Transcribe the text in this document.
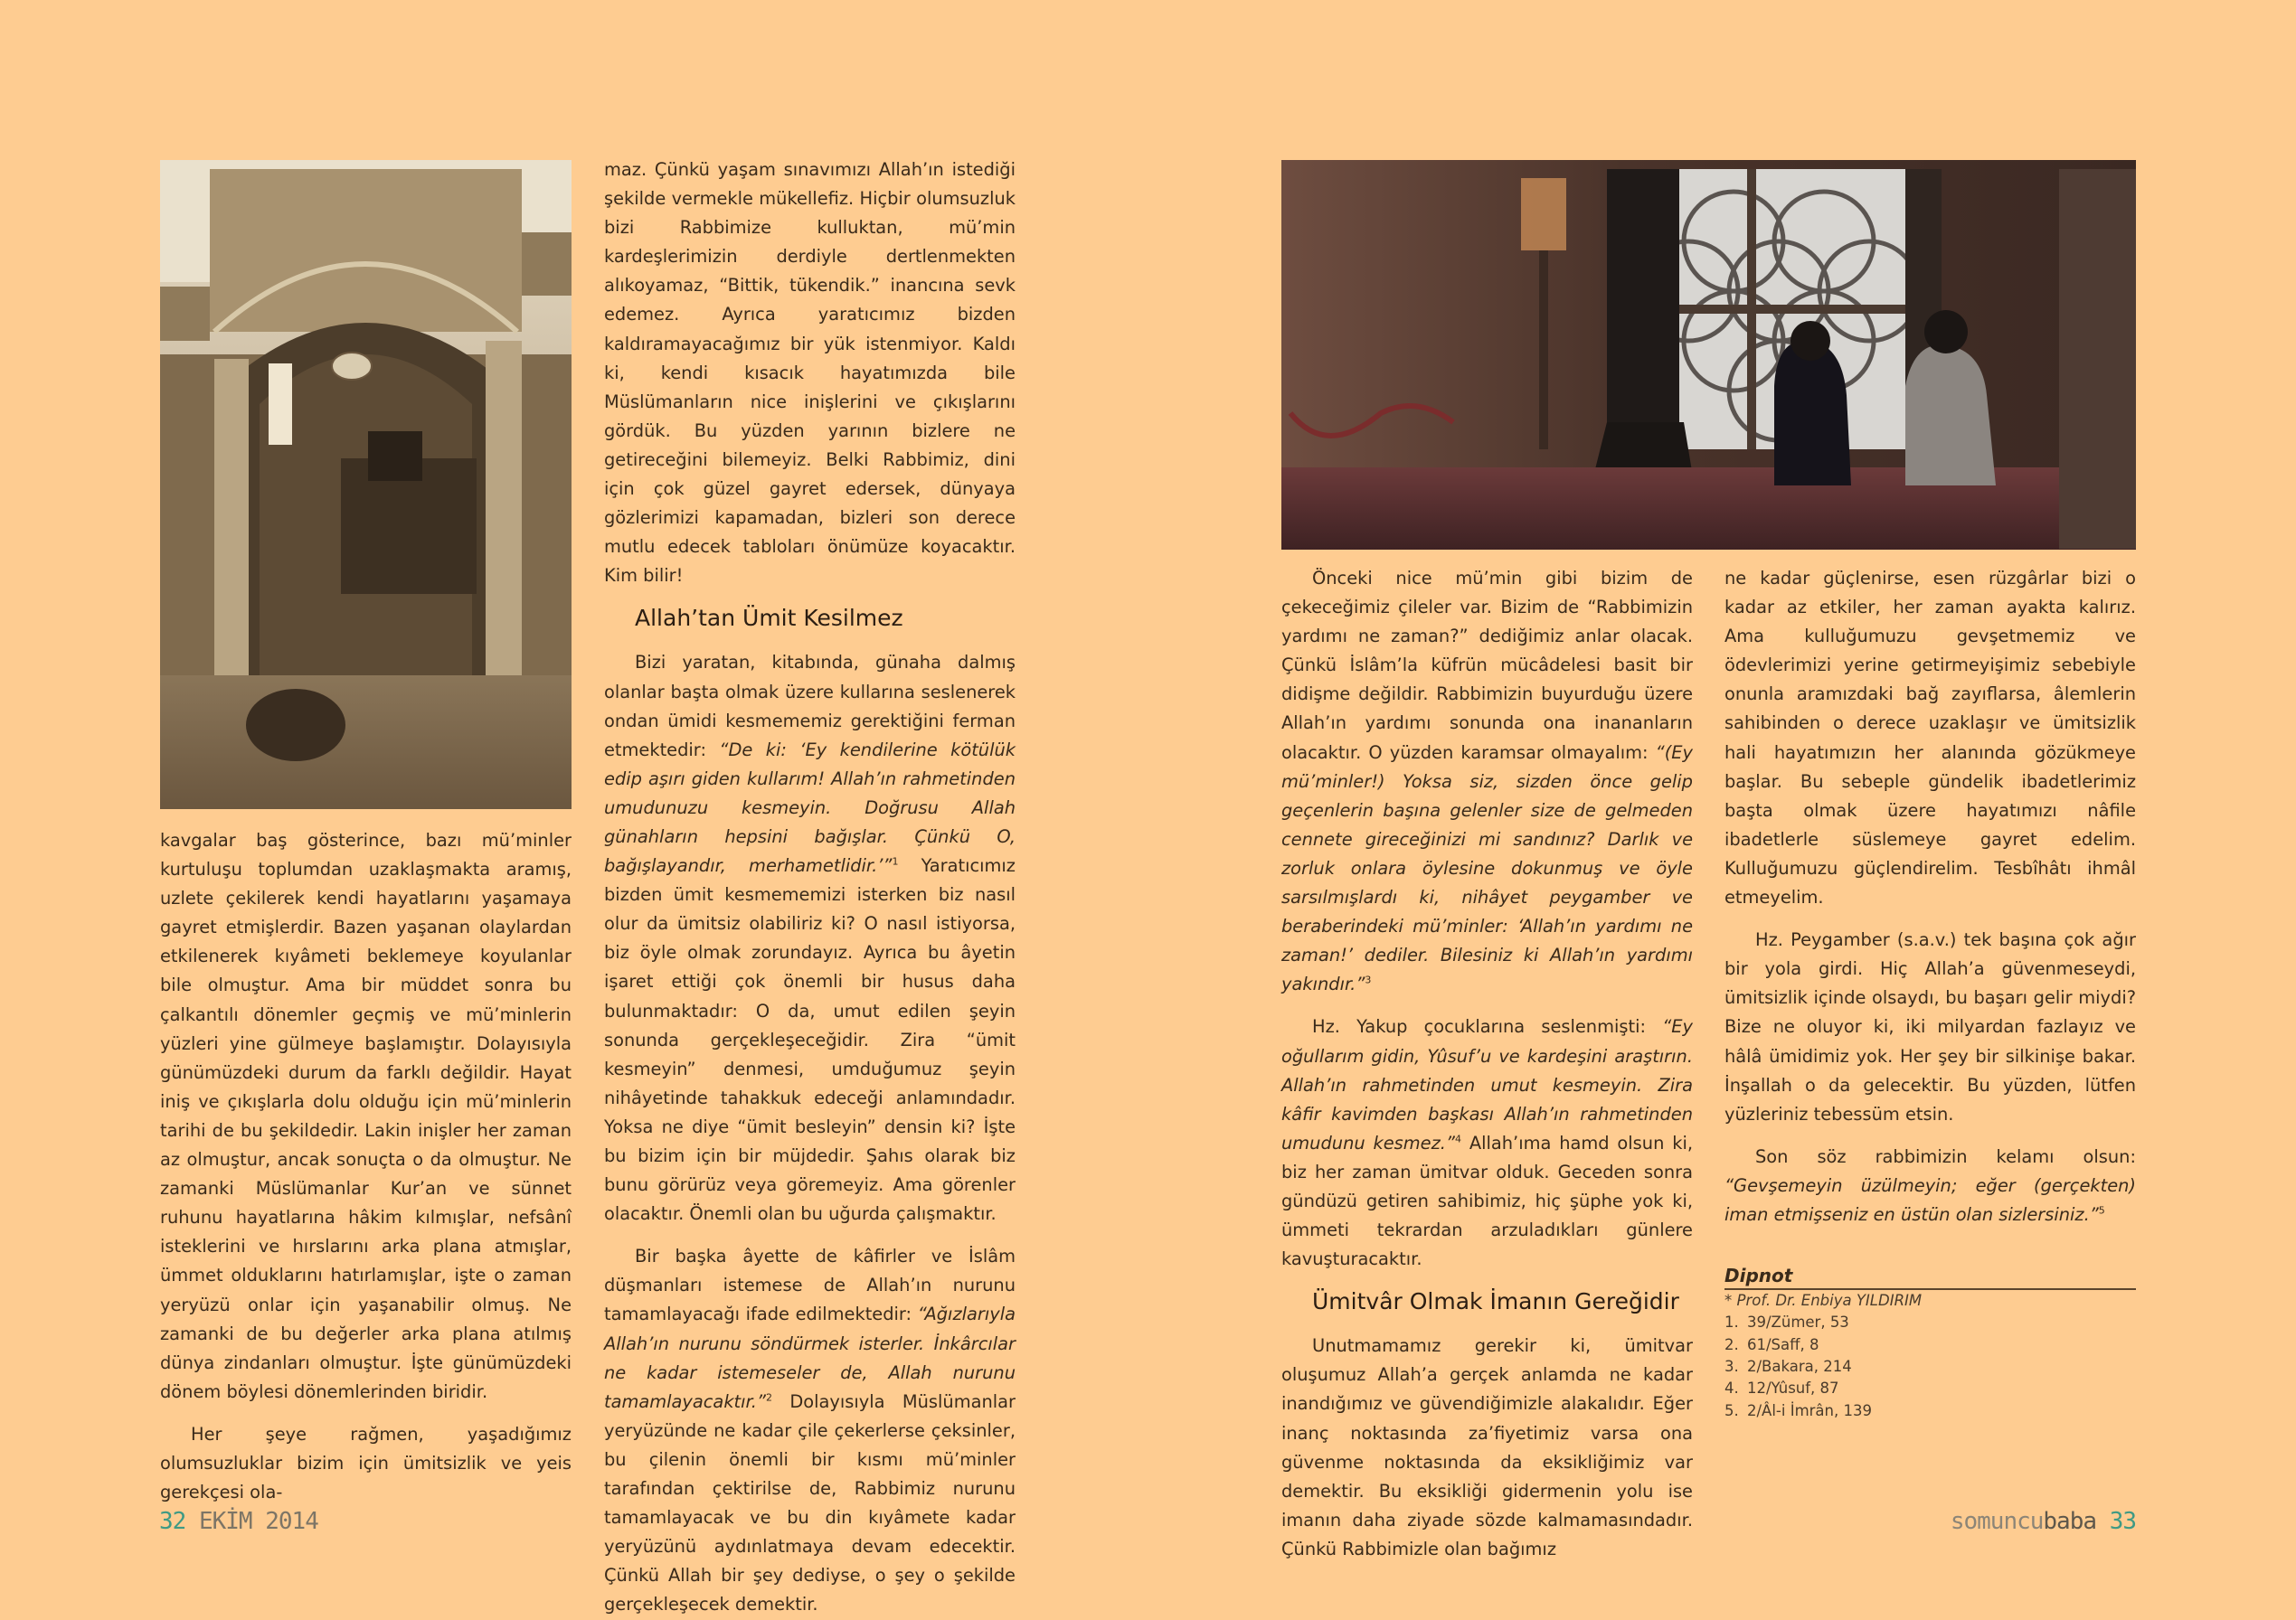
kavgalar baş gösterince, bazı mü’minler kurtuluşu toplumdan uzaklaşmakta aramış, uzlete çekilerek kendi hayatlarını yaşamaya gayret etmişlerdir. Bazen yaşanan olaylardan etkilenerek kıyâmeti beklemeye koyulanlar bile olmuştur. Ama bir müddet sonra bu çalkantılı dönemler geçmiş ve mü’minlerin yüzleri yine gülmeye başlamıştır. Dolayısıyla günümüzdeki durum da farklı değildir. Hayat iniş ve çıkışlarla dolu olduğu için mü’minlerin tarihi de bu şekildedir. Lakin inişler her zaman az olmuştur, ancak sonuçta o da olmuştur. Ne zamanki Müslümanlar Kur’an ve sünnet ruhunu hayatlarına hâkim kılmışlar, nefsânî isteklerini ve hırslarını arka plana atmışlar, ümmet olduklarını hatırlamışlar, işte o zaman yeryüzü onlar için yaşanabilir olmuş. Ne zamanki de bu değerler arka plana atılmış dünya zindanları olmuştur. İşte günümüzdeki dönem böylesi dönemlerinden biridir.

Her şeye rağmen, yaşadığımız olumsuzluklar bizim için ümitsizlik ve yeis gerekçesi ola-

maz. Çünkü yaşam sınavımızı Allah’ın istediği şekilde vermekle mükellefiz. Hiçbir olumsuzluk bizi Rabbimize kulluktan, mü’min kardeşlerimizin derdiyle dertlenmekten alıkoyamaz, “Bittik, tükendik.” inancına sevk edemez. Ayrıca yaratıcımız bizden kaldıramayacağımız bir yük istenmiyor. Kaldı ki, kendi kısacık hayatımızda bile Müslümanların nice inişlerini ve çıkışlarını gördük. Bu yüzden yarının bizlere ne getireceğini bilemeyiz. Belki Rabbimiz, dini için çok güzel gayret edersek, dünyaya gözlerimizi kapamadan, bizleri son derece mutlu edecek tabloları önümüze koyacaktır. Kim bilir!

Allah’tan Ümit Kesilmez

Bizi yaratan, kitabında, günaha dalmış olanlar başta olmak üzere kullarına seslenerek ondan ümidi kesmememiz gerektiğini ferman etmektedir: “De ki: ‘Ey kendilerine kötülük edip aşırı giden kullarım! Allah’ın rahmetinden umudunuzu kesmeyin. Doğrusu Allah günahların hepsini bağışlar. Çünkü O, bağışlayandır, merhametlidir.’”$^1$ Yaratıcımız bizden ümit kesmememizi isterken biz nasıl olur da ümitsiz olabiliriz ki? O nasıl istiyorsa, biz öyle olmak zorundayız. Ayrıca bu âyetin işaret ettiği çok önemli bir husus daha bulunmaktadır: O da, umut edilen şeyin sonunda gerçekleşeceğidir. Zira “ümit kesmeyin” denmesi, umduğumuz şeyin nihâyetinde tahakkuk edeceği anlamındadır. Yoksa ne diye “ümit besleyin” densin ki? İşte bu bizim için bir müjdedir. Şahıs olarak biz bunu görürüz veya göremeyiz. Ama görenler olacaktır. Önemli olan bu uğurda çalışmaktır.

Bir başka âyette de kâfirler ve İslâm düşmanları istemese de Allah’ın nurunu tamamlayacağı ifade edilmektedir: “Ağızlarıyla Allah’ın nurunu söndürmek isterler. İnkârcılar ne kadar istemeseler de, Allah nurunu tamamlayacaktır.”$^2$ Dolayısıyla Müslümanlar yeryüzünde ne kadar çile çekerlerse çeksinler, bu çilenin önemli bir kısmı mü’minler tarafından çektirilse de, Rabbimiz nurunu tamamlayacak ve bu din kıyâmete kadar yeryüzünü aydınlatmaya devam edecektir. Çünkü Allah bir şey dediyse, o şey o şekilde gerçekleşecek demektir.

32 EKİM 2014

Önceki nice mü’min gibi bizim de çekeceğimiz çileler var. Bizim de “Rabbimizin yardımı ne zaman?” dediğimiz anlar olacak. Çünkü İslâm’la küfrün mücâdelesi basit bir didişme değildir. Rabbimizin buyurduğu üzere Allah’ın yardımı sonunda ona inananların olacaktır. O yüzden karamsar olmayalım: “(Ey mü’minler!) Yoksa siz, sizden önce gelip geçenlerin başına gelenler size de gelmeden cennete gireceğinizi mi sandınız? Darlık ve zorluk onlara öylesine dokunmuş ve öyle sarsılmışlardı ki, nihâyet peygamber ve beraberindeki mü’minler: ‘Allah’ın yardımı ne zaman!’ dediler. Bilesiniz ki Allah’ın yardımı yakındır.”$^3$

Hz. Yakup çocuklarına seslenmişti: “Ey oğullarım gidin, Yûsuf’u ve kardeşini araştırın. Allah’ın rahmetinden umut kesmeyin. Zira kâfir kavimden başkası Allah’ın rahmetinden umudunu kesmez.”$^4$ Allah’ıma hamd olsun ki, biz her zaman ümitvar olduk. Geceden sonra gündüzü getiren sahibimiz, hiç şüphe yok ki, ümmeti tekrardan arzuladıkları günlere kavuşturacaktır.

Ümitvâr Olmak İmanın Gereğidir

Unutmamamız gerekir ki, ümitvar oluşumuz Allah’a gerçek anlamda ne kadar inandığımız ve güvendiğimizle alakalıdır. Eğer inanç noktasında za’fiyetimiz varsa ona güvenme noktasında da eksikliğimiz var demektir. Bu eksikliği gidermenin yolu ise imanın daha ziyade sözde kalmamasındadır. Çünkü Rabbimizle olan bağımız

ne kadar güçlenirse, esen rüzgârlar bizi o kadar az etkiler, her zaman ayakta kalırız. Ama kulluğumuzu gevşetmemiz ve ödevlerimizi yerine getirmeyişimiz sebebiyle onunla aramızdaki bağ zayıflarsa, âlemlerin sahibinden o derece uzaklaşır ve ümitsizlik hali hayatımızın her alanında gözükmeye başlar. Bu sebeple gündelik ibadetlerimiz başta olmak üzere hayatımızı nâfile ibadetlerle süslemeye gayret edelim. Kulluğumuzu güçlendirelim. Tesbîhâtı ihmâl etmeyelim.

Hz. Peygamber (s.a.v.) tek başına çok ağır bir yola girdi. Hiç Allah’a güvenmeseydi, ümitsizlik içinde olsaydı, bu başarı gelir miydi? Bize ne oluyor ki, iki milyardan fazlayız ve hâlâ ümidimiz yok. Her şey bir silkinişe bakar. İnşallah o da gelecektir. Bu yüzden, lütfen yüzleriniz tebessüm etsin.

Son söz rabbimizin kelamı olsun: “Gevşemeyin üzülmeyin; eğer (gerçekten) iman etmişseniz en üstün olan sizlersiniz.”$^5$

Dipnot
* Prof. Dr. Enbiya YILDIRIM
1. 39/Zümer, 53
2. 61/Saff, 8
3. 2/Bakara, 214
4. 12/Yûsuf, 87
5. 2/Âl-i İmrân, 139
somuncubaba 33
